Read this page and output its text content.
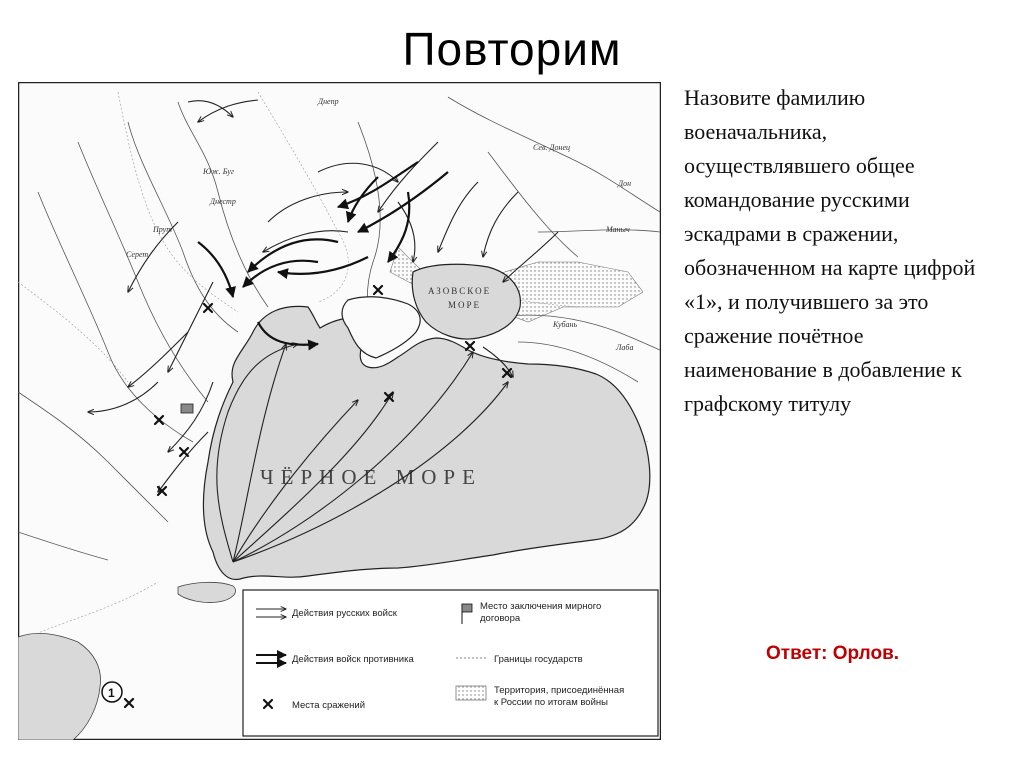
Повторим
ЧЁРНОЕ МОРЕ
АЗОВСКОЕ
МОРЕ
Днепр
Юж. Буг
Днестр
Прут
Серет
Сев. Донец
Дон
Маныч
Кубань
Лаба
1
Действия русских войск
Действия войск противника
Места сражений
Место заключения мирного
договора
Границы государств
Территория, присоединённая
к России по итогам войны
Назовите фамилию военачальника, осуществлявшего общее командование русскими эскадрами в сражении, обозначенном на карте цифрой «1», и получившего за это сражение почётное наименование в добавление к графскому титулу
Ответ: Орлов.
